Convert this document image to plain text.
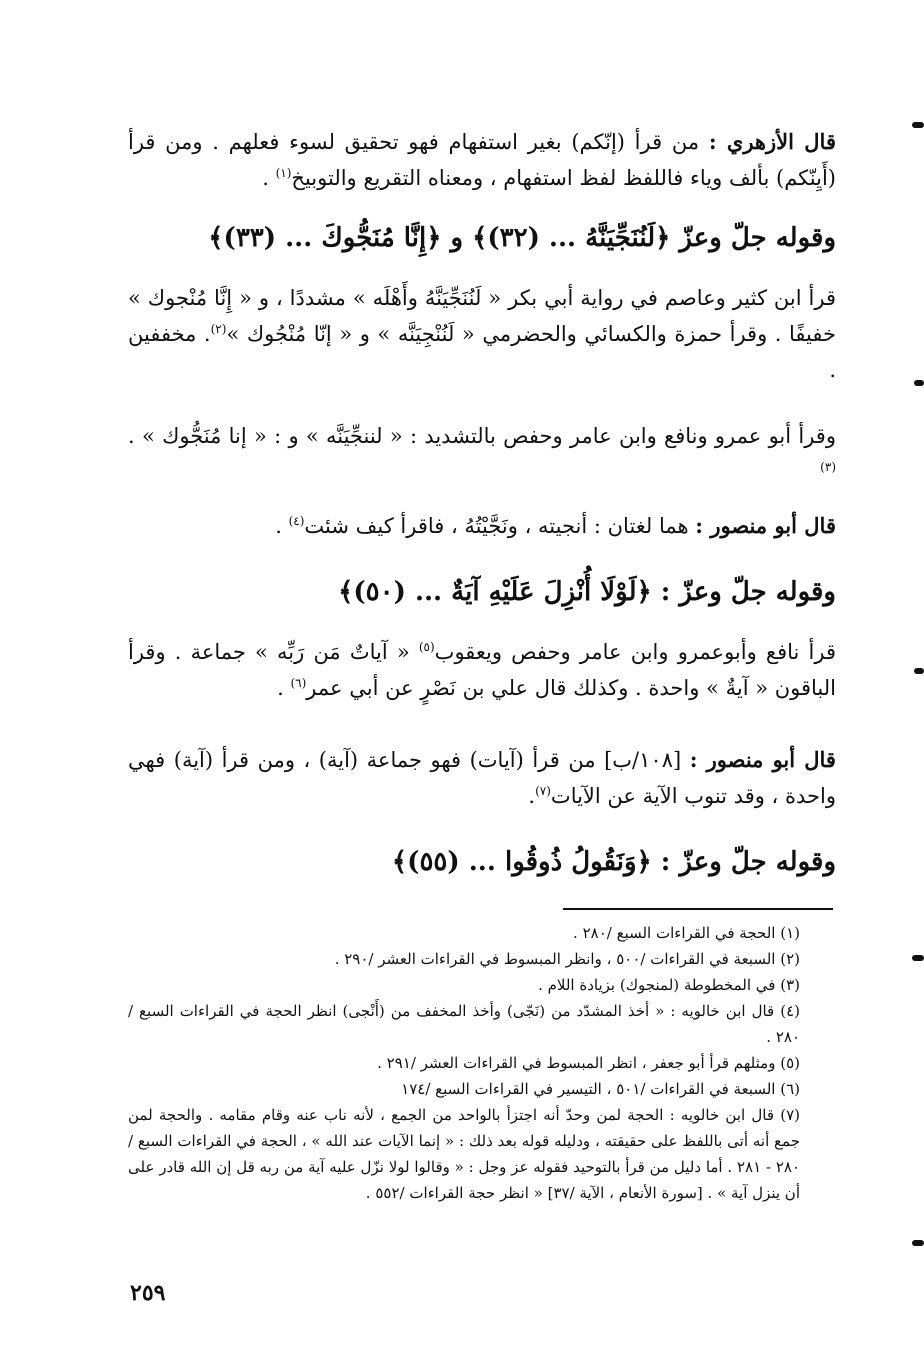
قال الأزهري : من قرأ (إنّكم) بغير استفهام فهو تحقيق لسوء فعلهم . ومن قرأ (أَيِنّكم) بألف وياء فاللفظ لفظ استفهام ، ومعناه التقريع والتوبيخ$^{(١)}$ .
وقوله جلّ وعزّ ﴿لَنُنَجِّيَنَّهُ ... (٣٢)﴾ و ﴿إِنَّا مُنَجُّوكَ ... (٣٣)﴾
قرأ ابن كثير وعاصم في رواية أبي بكر « لَنُنَجِّيَنَّهُ وأَهْلَه » مشددًا ، و « إِنَّا مُنْجوك » خفيفًا . وقرأ حمزة والكسائي والحضرمي « لَنُنْجِيَنَّه » و « إنّا مُنْجُوك »$^{(٢)}$. مخففين .
وقرأ أبو عمرو ونافع وابن عامر وحفص بالتشديد : « لننجِّيَنَّه » و : « إنا مُنَجُّوك » .$^{(٣)}$
قال أبو منصور : هما لغتان : أنجيته ، ونَجَّيْتُهُ ، فاقرأ كيف شئت$^{(٤)}$ .
وقوله جلّ وعزّ : ﴿لَوْلَا أُنْزِلَ عَلَيْهِ آيَةٌ ... (٥٠)﴾
قرأ نافع وأبوعمرو وابن عامر وحفص ويعقوب$^{(٥)}$ « آياتٌ مَن رَبِّه » جماعة . وقرأ الباقون « آيةٌ » واحدة . وكذلك قال علي بن نَصْرٍ عن أبي عمر$^{(٦)}$ .
قال أبو منصور : [١٠٨/ب] من قرأ (آيات) فهو جماعة (آية) ، ومن قرأ (آية) فهي واحدة ، وقد تنوب الآية عن الآيات$^{(٧)}$.
وقوله جلّ وعزّ : ﴿وَنَقُولُ ذُوقُوا ... (٥٥)﴾
(١) الحجة في القراءات السبع /٢٨٠ .
(٢) السبعة في القراءات /٥٠٠ ، وانظر المبسوط في القراءات العشر /٢٩٠ .
(٣) في المخطوطة (لمنجوك) بزيادة اللام .
(٤) قال ابن خالويه : « أخذ المشدّد من (نَجّى) وأخذ المخفف من (أَنْجى) انظر الحجة في القراءات السبع /٢٨٠ .
(٥) ومثلهم قرأ أبو جعفر ، انظر المبسوط في القراءات العشر /٢٩١ .
(٦) السبعة في القراءات /٥٠١ ، التيسير في القراءات السبع /١٧٤
(٧) قال ابن خالويه : الحجة لمن وحدّ أنه اجتزأ بالواحد من الجمع ، لأنه ناب عنه وقام مقامه . والحجة لمن جمع أنه أتى باللفظ على حقيقته ، ودليله قوله بعد ذلك : « إنما الآيات عند الله » ، الحجة في القراءات السبع /٢٨٠ - ٢٨١ . أما دليل من قرأ بالتوحيد فقوله عز وجل : « وقالوا لولا نزّل عليه آية من ربه قل إن الله قادر على أن ينزل آية » . [سورة الأنعام ، الآية /٣٧] « انظر حجة القراءات /٥٥٢ .
٢٥٩
